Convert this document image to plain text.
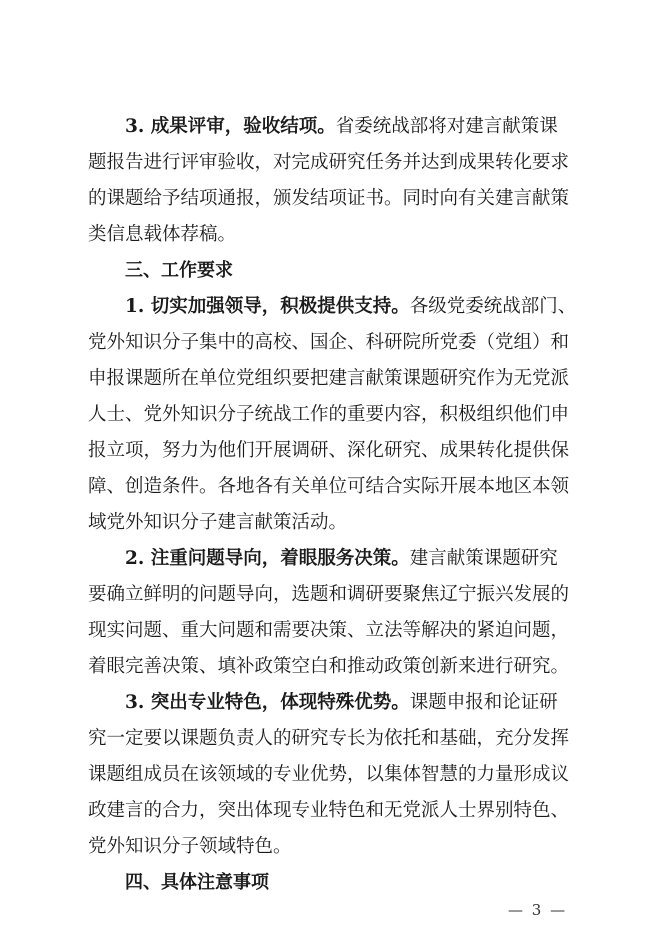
3. 成果评审，验收结项。省委统战部将对建言献策课
题报告进行评审验收，对完成研究任务并达到成果转化要求
的课题给予结项通报，颁发结项证书。同时向有关建言献策
类信息载体荐稿。
三、工作要求
1. 切实加强领导，积极提供支持。各级党委统战部门、
党外知识分子集中的高校、国企、科研院所党委（党组）和
申报课题所在单位党组织要把建言献策课题研究作为无党派
人士、党外知识分子统战工作的重要内容，积极组织他们申
报立项，努力为他们开展调研、深化研究、成果转化提供保
障、创造条件。各地各有关单位可结合实际开展本地区本领
域党外知识分子建言献策活动。
2. 注重问题导向，着眼服务决策。建言献策课题研究
要确立鲜明的问题导向，选题和调研要聚焦辽宁振兴发展的
现实问题、重大问题和需要决策、立法等解决的紧迫问题，
着眼完善决策、填补政策空白和推动政策创新来进行研究。
3. 突出专业特色，体现特殊优势。课题申报和论证研
究一定要以课题负责人的研究专长为依托和基础，充分发挥
课题组成员在该领域的专业优势，以集体智慧的力量形成议
政建言的合力，突出体现专业特色和无党派人士界别特色、
党外知识分子领域特色。
四、具体注意事项
— 3 —
